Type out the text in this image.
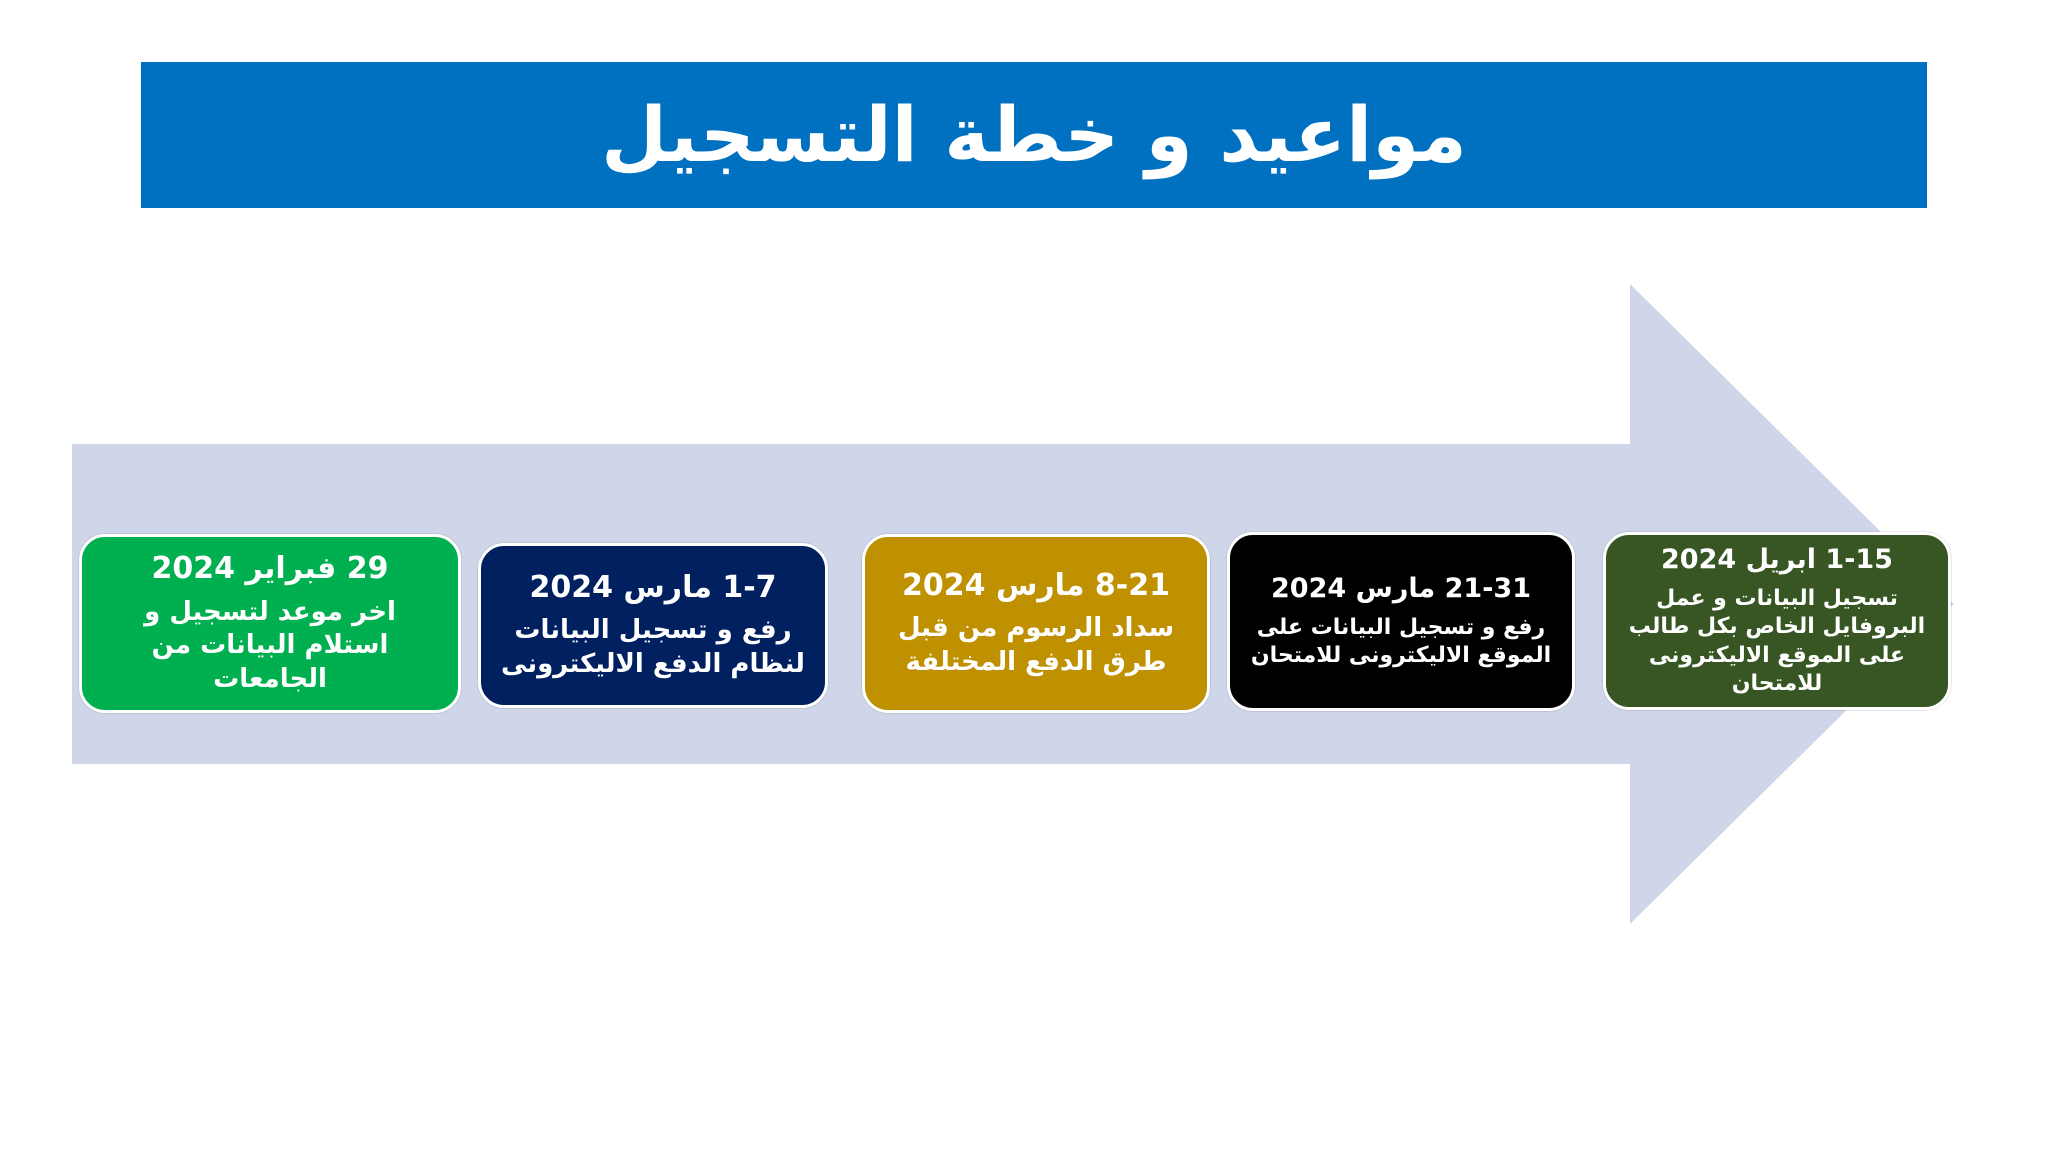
مواعيد و خطة التسجيل
29 فبراير 2024
اخر موعد لتسجيل و استلام البيانات من الجامعات
1-7 مارس 2024
رفع و تسجيل البيانات لنظام الدفع الاليكترونى
8-21 مارس 2024
سداد الرسوم من قبل طرق الدفع المختلفة
21-31 مارس 2024
رفع و تسجيل البيانات على الموقع الاليكترونى للامتحان
1-15 ابريل 2024
تسجيل البيانات و عمل البروفايل الخاص بكل طالب على الموقع الاليكترونى للامتحان
